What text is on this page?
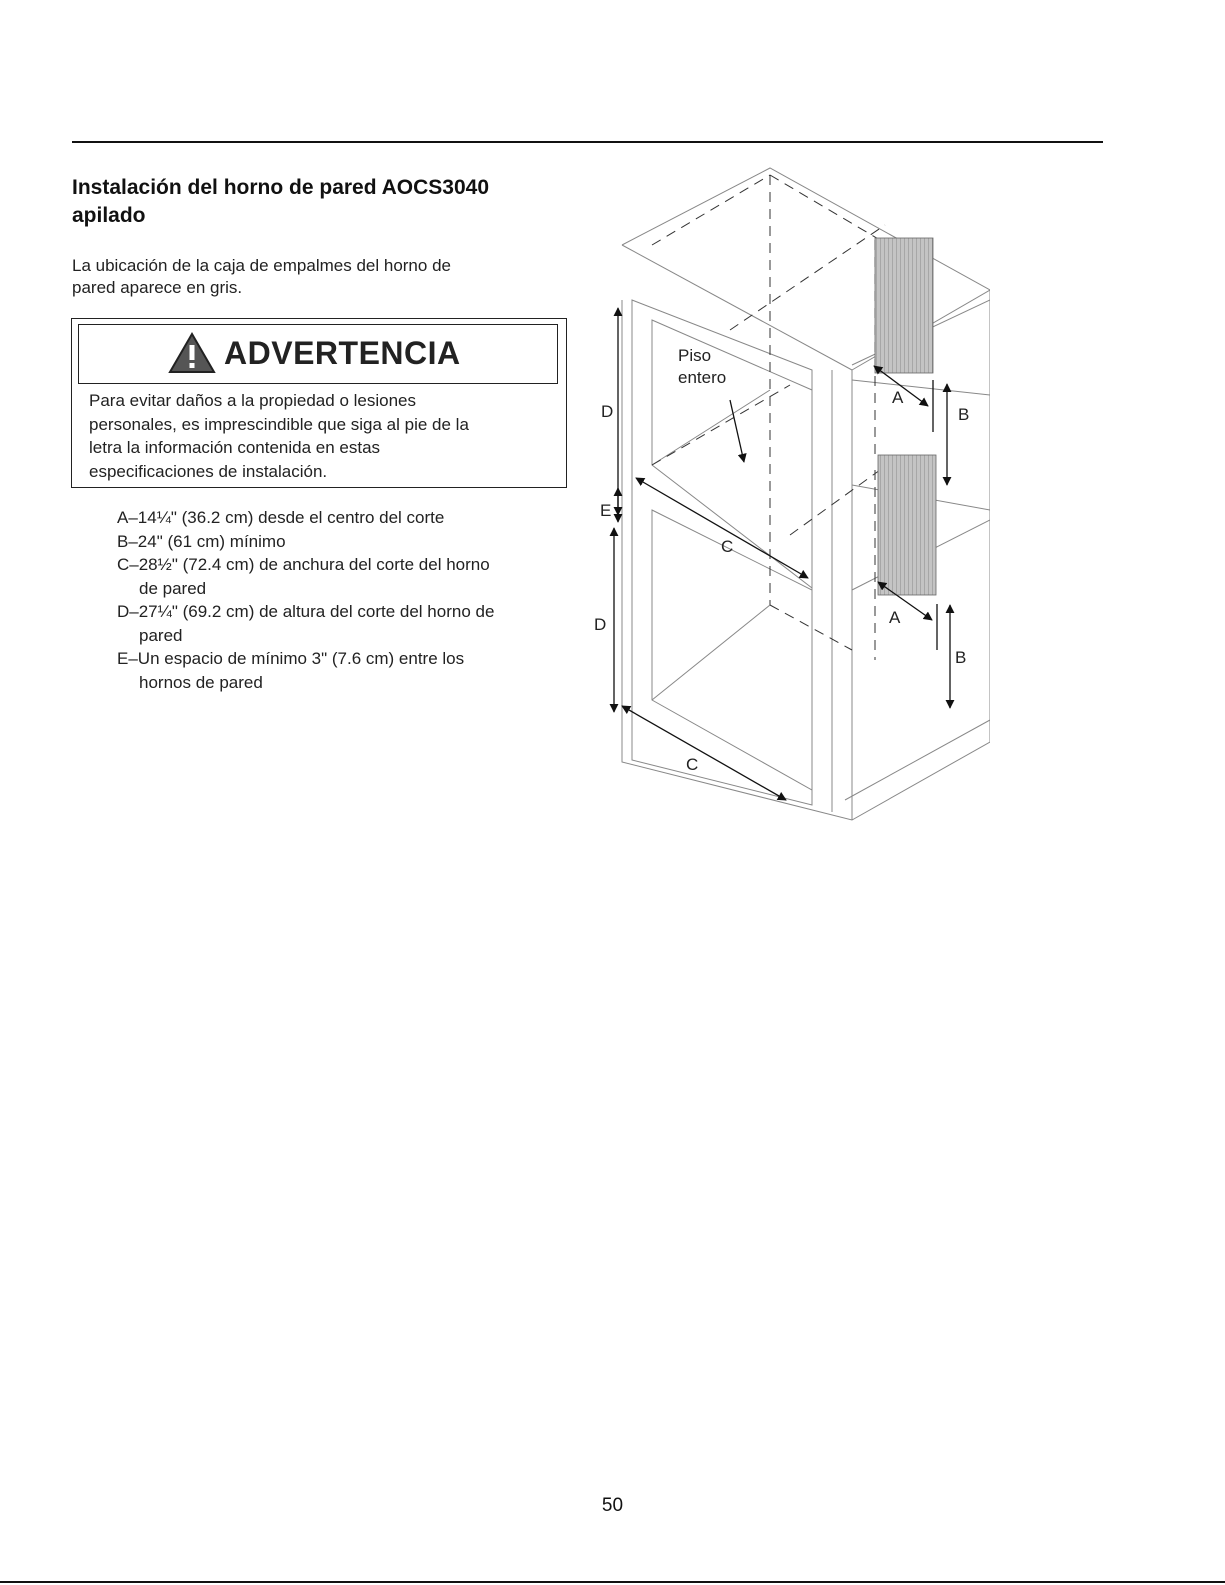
Instalación del horno de pared AOCS3040
apilado

La ubicación de la caja de empalmes del horno de
pared aparece en gris.

ADVERTENCIA

Para evitar daños a la propiedad o lesiones
personales, es imprescindible que siga al pie de la
letra la información contenida en estas
especificaciones de instalación.

A–14¼" (36.2 cm) desde el centro del corte
B–24" (61 cm) mínimo
C–28½" (72.4 cm) de anchura del corte del horno
de pared
D–27¼" (69.2 cm) de altura del corte del horno de
pared
E–Un espacio de mínimo 3" (7.6 cm) entre los
hornos de pared
Piso
entero
D
E
D
C
C
A
A
B
B
50
